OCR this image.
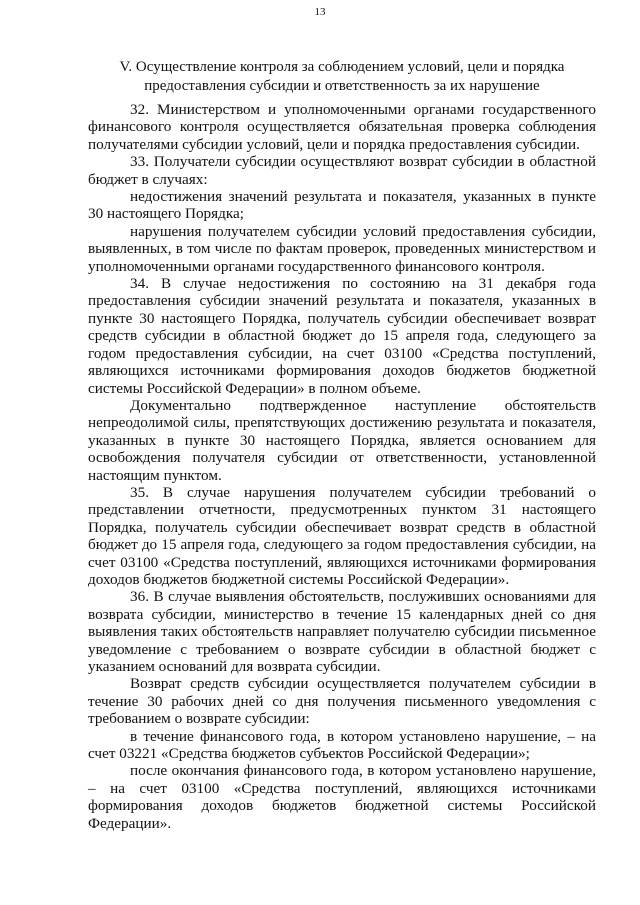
13
V. Осуществление контроля за соблюдением условий, цели и порядка
предоставления субсидии и ответственность за их нарушение

32. Министерством и уполномоченными органами государственного финансового контроля осуществляется обязательная проверка соблюдения получателями субсидии условий, цели и порядка предоставления субсидии.

33. Получатели субсидии осуществляют возврат субсидии в областной бюджет в случаях:

недостижения значений результата и показателя, указанных в пункте 30 настоящего Порядка;

нарушения получателем субсидии условий предоставления субсидии, выявленных, в том числе по фактам проверок, проведенных министерством и уполномоченными органами государственного финансового контроля.

34. В случае недостижения по состоянию на 31 декабря года предоставления субсидии значений результата и показателя, указанных в пункте 30 настоящего Порядка, получатель субсидии обеспечивает возврат средств субсидии в областной бюджет до 15 апреля года, следующего за годом предоставления субсидии, на счет 03100 «Средства поступлений, являющихся источниками формирования доходов бюджетов бюджетной системы Российской Федерации» в полном объеме.

Документально подтвержденное наступление обстоятельств непреодолимой силы, препятствующих достижению результата и показателя, указанных в пункте 30 настоящего Порядка, является основанием для освобождения получателя субсидии от ответственности, установленной настоящим пунктом.

35. В случае нарушения получателем субсидии требований о представлении отчетности, предусмотренных пунктом 31 настоящего Порядка, получатель субсидии обеспечивает возврат средств в областной бюджет до 15 апреля года, следующего за годом предоставления субсидии, на счет 03100 «Средства поступлений, являющихся источниками формирования доходов бюджетов бюджетной системы Российской Федерации».

36. В случае выявления обстоятельств, послуживших основаниями для возврата субсидии, министерство в течение 15 календарных дней со дня выявления таких обстоятельств направляет получателю субсидии письменное уведомление с требованием о возврате субсидии в областной бюджет с указанием оснований для возврата субсидии.

Возврат средств субсидии осуществляется получателем субсидии в течение 30 рабочих дней со дня получения письменного уведомления с требованием о возврате субсидии:

в течение финансового года, в котором установлено нарушение, – на счет 03221 «Средства бюджетов субъектов Российской Федерации»;

после окончания финансового года, в котором установлено нарушение, – на счет 03100 «Средства поступлений, являющихся источниками формирования доходов бюджетов бюджетной системы Российской Федерации».
